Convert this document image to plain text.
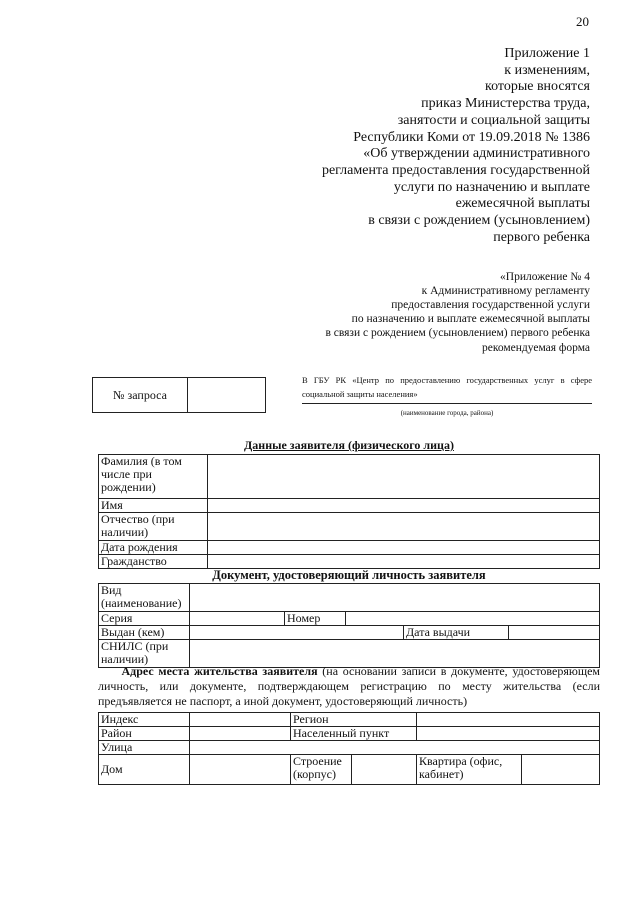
20
Приложение 1
к изменениям,
которые вносятся
приказ Министерства труда,
занятости и социальной защиты
Республики Коми от 19.09.2018 № 1386
«Об утверждении административного
регламента предоставления государственной
услуги по назначению и выплате
ежемесячной выплаты
в связи с рождением (усыновлением)
первого ребенка
«Приложение № 4
к Административному регламенту
предоставления государственной услуги
по назначению и выплате ежемесячной выплаты
в связи с рождением (усыновлением) первого ребенка
рекомендуемая форма
№ запроса
В ГБУ РК «Центр по предоставлению государственных услуг в сфере социальной защиты населения»
(наименование города, района)
Данные заявителя (физического лица)
Фамилия (в том числе при рождении)	
Имя	
Отчество (при наличии)	
Дата рождения	
Гражданство	
Документ, удостоверяющий личность заявителя
Вид (наименование)					
Серия		Номер			
Выдан (кем)				Дата выдачи	
СНИЛС (при наличии)					
Адрес места жительства заявителя (на основании записи в документе, удостоверяющем личность, или документе, подтверждающем регистрацию по месту жительства (если предъявляется не паспорт, а иной документ, удостоверяющий личность)
Индекс		Регион			
Район		Населенный пункт			
Улица					
Дом		Строение (корпус)		Квартира (офис, кабинет)	
